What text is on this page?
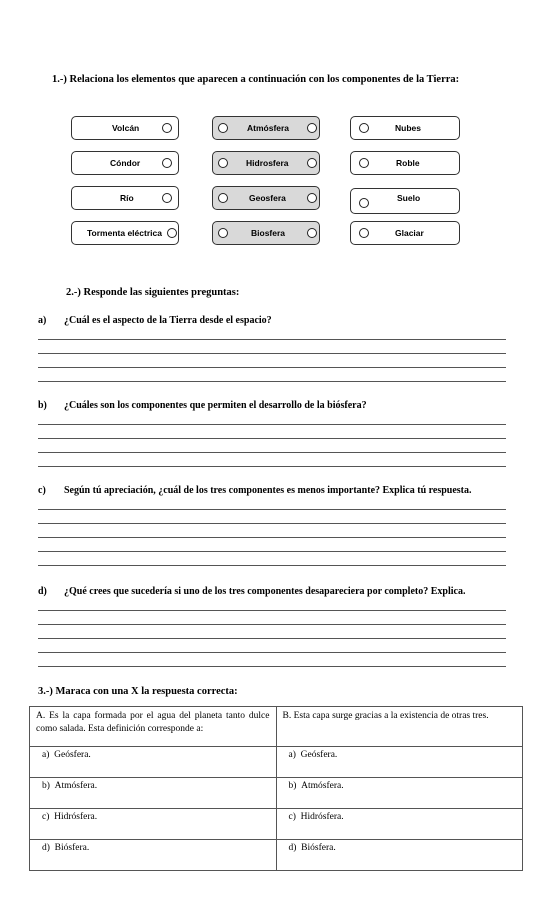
1.-) Relaciona los elementos que aparecen a continuación con los componentes de la Tierra:
Volcán
Cóndor
Río
Tormenta eléctrica
Atmósfera
Hidrosfera
Geosfera
Biosfera
Nubes
Roble
Suelo
Glaciar
2.-) Responde las siguientes preguntas:
a) ¿Cuál es el aspecto de la Tierra desde el espacio?
b) ¿Cuáles son los componentes que permiten el desarrollo de la biósfera?
c) Según tú apreciación, ¿cuál de los tres componentes es menos importante? Explica tú respuesta.
d) ¿Qué crees que sucedería si uno de los tres componentes desapareciera por completo? Explica.
3.-) Maraca con una X la respuesta correcta:
A. Es la capa formada por el agua del planeta tanto dulce como salada. Esta definición corresponde a:	B. Esta capa surge gracias a la existencia de otras tres.
a) Geósfera.	a) Geósfera.
b) Atmósfera.	b) Atmósfera.
c) Hidrósfera.	c) Hidrósfera.
d) Biósfera.	d) Biósfera.
